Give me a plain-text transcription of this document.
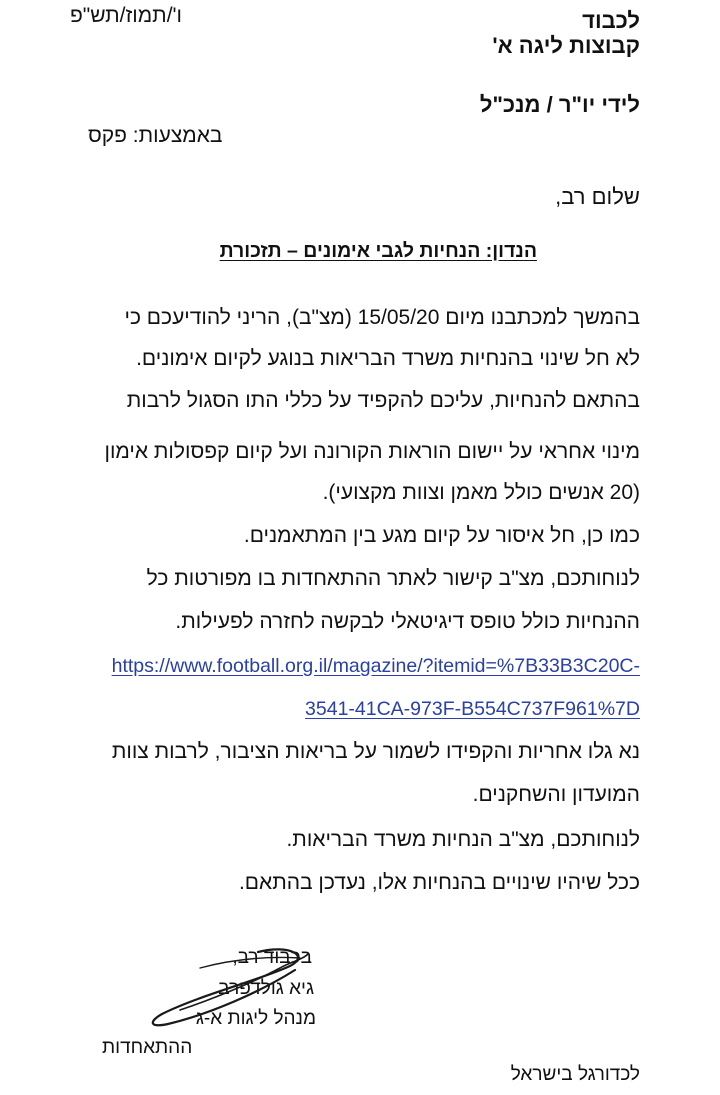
לכבוד
ו'/תמוז/תש"פ
קבוצות ליגה א'
לידי יו"ר / מנכ"ל
באמצעות: פקס
שלום רב,
הנדון: הנחיות לגבי אימונים – תזכורת
בהמשך למכתבנו מיום 15/05/20 (מצ"ב), הריני להודיעכם כי
לא חל שינוי בהנחיות משרד הבריאות בנוגע לקיום אימונים.
בהתאם להנחיות, עליכם להקפיד על כללי התו הסגול לרבות
מינוי אחראי על יישום הוראות הקורונה ועל קיום קפסולות אימון
(20 אנשים כולל מאמן וצוות מקצועי).
כמו כן, חל איסור על קיום מגע בין המתאמנים.
לנוחותכם, מצ"ב קישור לאתר ההתאחדות בו מפורטות כל
ההנחיות כולל טופס דיגיטאלי לבקשה לחזרה לפעילות.
https://www.football.org.il/magazine/?itemid=%7B33B3C20C-
3541-41CA-973F-B554C737F961%7D
נא גלו אחריות והקפידו לשמור על בריאות הציבור, לרבות צוות
המועדון והשחקנים.
לנוחותכם, מצ"ב הנחיות משרד הבריאות.
ככל שיהיו שינויים בהנחיות אלו, נעדכן בהתאם.
בכבוד רב,
גיא גולדפרב
מנהל ליגות א-ג
ההתאחדות
לכדורגל בישראל
